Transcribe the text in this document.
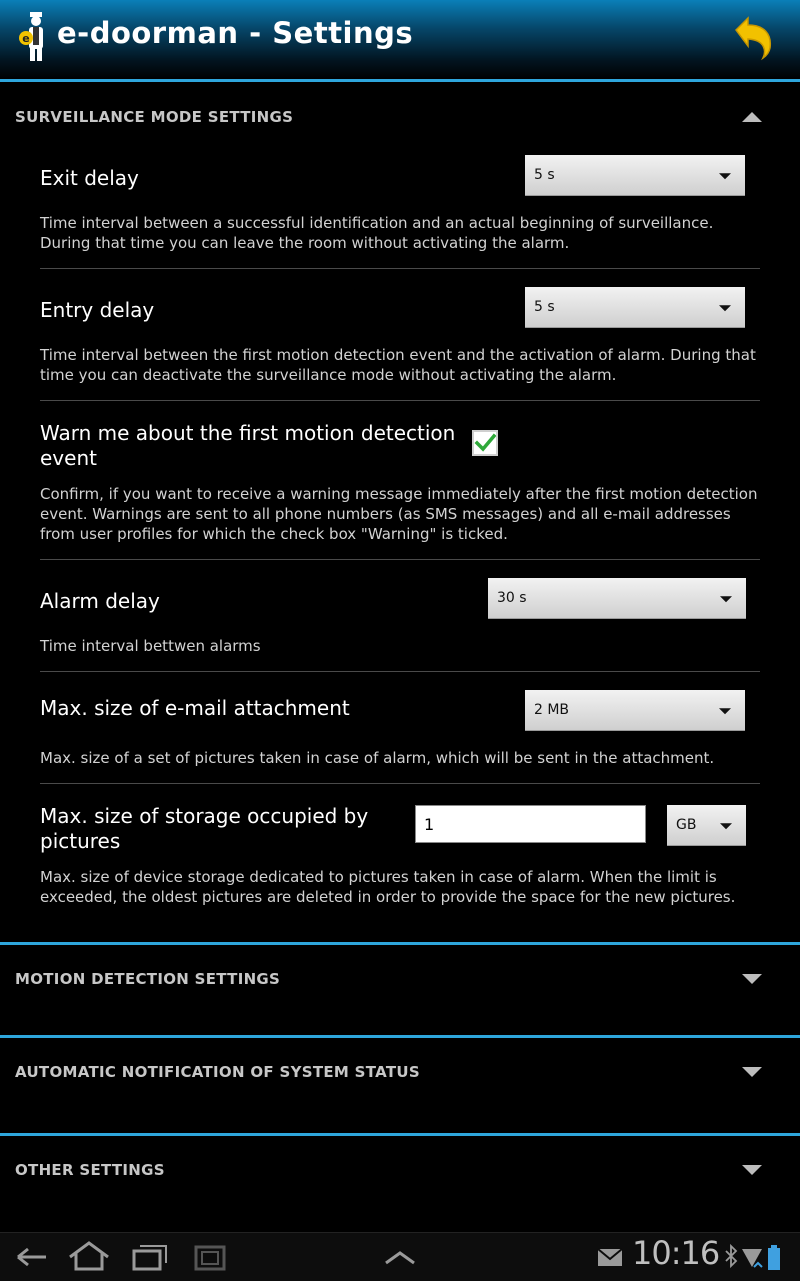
e e-doorman - Settings
SURVEILLANCE MODE SETTINGS
Exit delay	5 s
Time interval between a successful identification and an actual beginning of surveillance. During that time you can leave the room without activating the alarm.
Entry delay	5 s
Time interval between the first motion detection event and the activation of alarm. During that time you can deactivate the surveillance mode without activating the alarm.
Warn me about the first motion detection event
Confirm, if you want to receive a warning message immediately after the first motion detection event. Warnings are sent to all phone numbers (as SMS messages) and all e-mail addresses from user profiles for which the check box "Warning" is ticked.
Alarm delay	30 s
Time interval bettwen alarms
Max. size of e-mail attachment	2 MB
Max. size of a set of pictures taken in case of alarm, which will be sent in the attachment.
Max. size of storage occupied by pictures
1	GB
Max. size of device storage dedicated to pictures taken in case of alarm. When the limit is exceeded, the oldest pictures are deleted in order to provide the space for the new pictures.
MOTION DETECTION SETTINGS
AUTOMATIC NOTIFICATION OF SYSTEM STATUS
OTHER SETTINGS
10:16
